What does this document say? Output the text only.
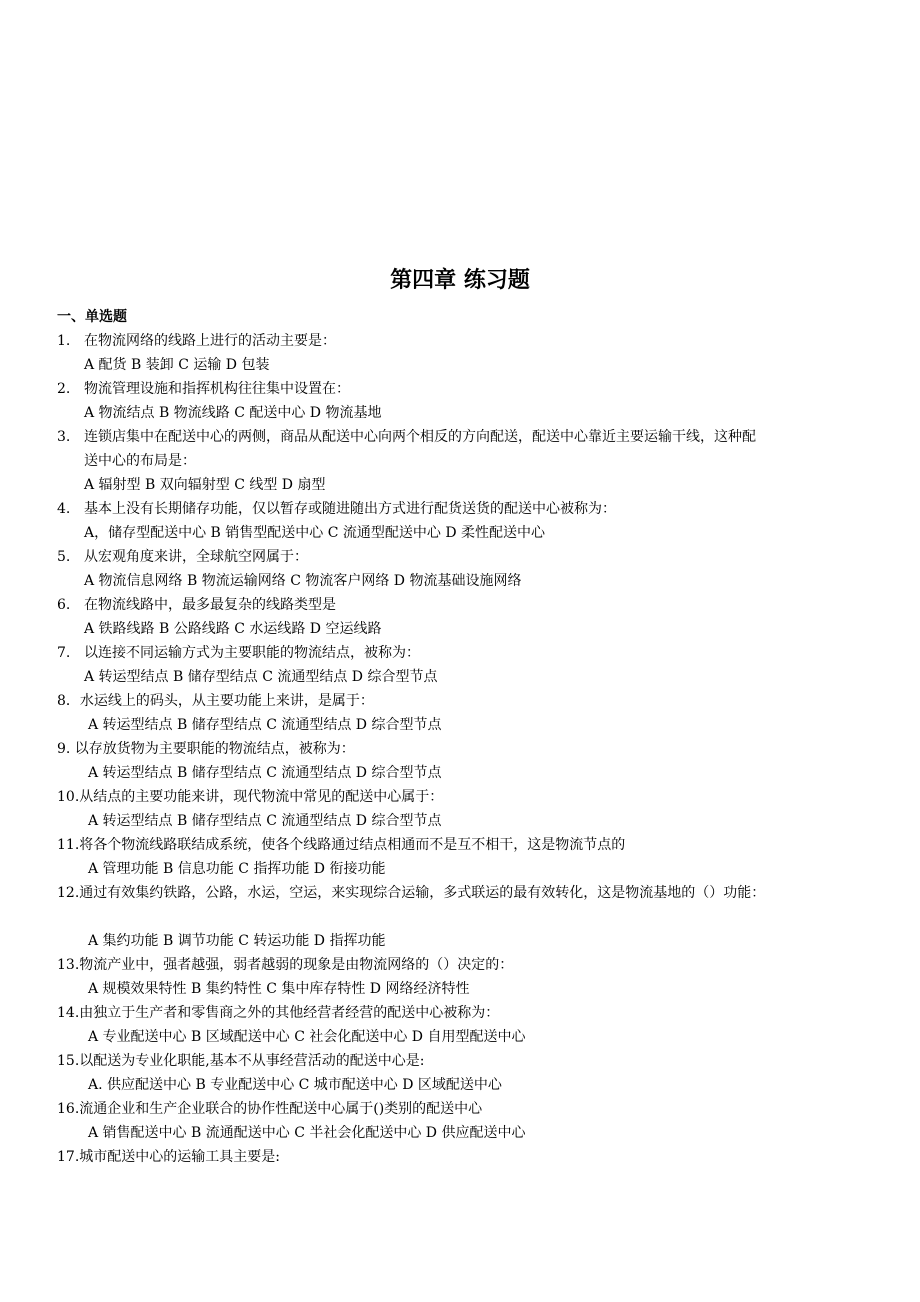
第四章 练习题
一、单选题
1. 在物流网络的线路上进行的活动主要是：
A 配货 B 装卸 C 运输 D 包装
2. 物流管理设施和指挥机构往往集中设置在：
A 物流结点 B 物流线路 C 配送中心 D 物流基地
3. 连锁店集中在配送中心的两侧，商品从配送中心向两个相反的方向配送，配送中心靠近主要运输干线，这种配
送中心的布局是：
A 辐射型 B 双向辐射型 C 线型 D 扇型
4. 基本上没有长期储存功能，仅以暂存或随进随出方式进行配货送货的配送中心被称为：
A，储存型配送中心 B 销售型配送中心 C 流通型配送中心 D 柔性配送中心
5. 从宏观角度来讲，全球航空网属于：
A 物流信息网络 B 物流运输网络 C 物流客户网络 D 物流基础设施网络
6. 在物流线路中，最多最复杂的线路类型是
A 铁路线路 B 公路线路 C 水运线路 D 空运线路
7. 以连接不同运输方式为主要职能的物流结点，被称为：
A 转运型结点 B 储存型结点 C 流通型结点 D 综合型节点
8．水运线上的码头，从主要功能上来讲，是属于：
A 转运型结点 B 储存型结点 C 流通型结点 D 综合型节点
9. 以存放货物为主要职能的物流结点，被称为：
A 转运型结点 B 储存型结点 C 流通型结点 D 综合型节点
10.从结点的主要功能来讲，现代物流中常见的配送中心属于：
A 转运型结点 B 储存型结点 C 流通型结点 D 综合型节点
11.将各个物流线路联结成系统，使各个线路通过结点相通而不是互不相干，这是物流节点的
A 管理功能 B 信息功能 C 指挥功能 D 衔接功能
12.通过有效集约铁路，公路，水运，空运，来实现综合运输，多式联运的最有效转化，这是物流基地的（）功能：
A 集约功能 B 调节功能 C 转运功能 D 指挥功能
13.物流产业中，强者越强，弱者越弱的现象是由物流网络的（）决定的：
A 规模效果特性 B 集约特性 C 集中库存特性 D 网络经济特性
14.由独立于生产者和零售商之外的其他经营者经营的配送中心被称为：
A 专业配送中心 B 区域配送中心 C 社会化配送中心 D 自用型配送中心
15.以配送为专业化职能,基本不从事经营活动的配送中心是:
A. 供应配送中心 B 专业配送中心 C 城市配送中心 D 区域配送中心
16.流通企业和生产企业联合的协作性配送中心属于()类别的配送中心
A 销售配送中心 B 流通配送中心 C 半社会化配送中心 D 供应配送中心
17.城市配送中心的运输工具主要是:
